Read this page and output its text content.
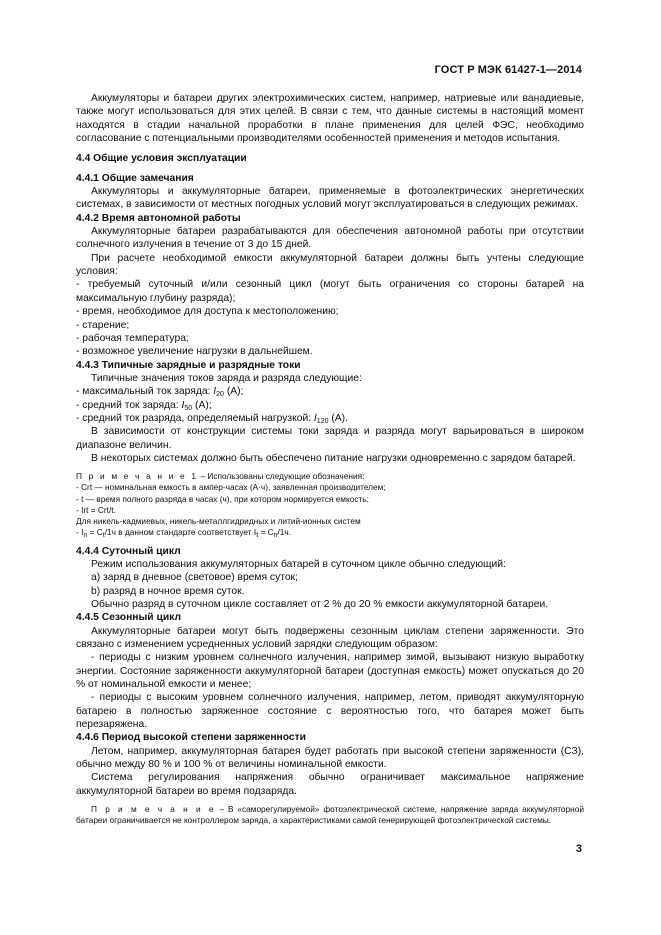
ГОСТ Р МЭК 61427-1—2014

Аккумуляторы и батареи других электрохимических систем, например, натриевые или ванадиевые, также могут использоваться для этих целей. В связи с тем, что данные системы в настоящий момент находятся в стадии начальной проработки в плане применения для целей ФЭС, необходимо согласование с потенциальными производителями особенностей применения и методов испытания.

4.4 Общие условия эксплуатации

4.4.1 Общие замечания

Аккумуляторы и аккумуляторные батареи, применяемые в фотоэлектрических энергетических системах, в зависимости от местных погодных условий могут эксплуатироваться в следующих режимах.

4.4.2 Время автономной работы

Аккумуляторные батареи разрабатываются для обеспечения автономной работы при отсутствии солнечного излучения в течение от 3 до 15 дней.

При расчете необходимой емкости аккумуляторной батареи должны быть учтены следующие условия:

- требуемый суточный и/или сезонный цикл (могут быть ограничения со стороны батарей на максимальную глубину разряда);

- время, необходимое для доступа к местоположению;

- старение;

- рабочая температура;

- возможное увеличение нагрузки в дальнейшем.

4.4.3 Типичные зарядные и разрядные токи

Типичные значения токов заряда и разряда следующие:

- максимальный ток заряда: $I_{20}$ (А);

- средний ток заряда: $I_{50}$ (А);

- средний ток разряда, определяемый нагрузкой: $I_{120}$ (А).

В зависимости от конструкции системы токи заряда и разряда могут варьироваться в широком диапазоне величин.

В некоторых системах должно быть обеспечено питание нагрузки одновременно с зарядом батарей.

П р и м е ч а н и е 1 – Использованы следующие обозначения:

- Crt — номинальная емкость в ампер-часах (А·ч), заявленная производителем;

- t — время полного разряда в часах (ч), при котором нормируется емкость;

- Irt = Crt/t.

Для никель-кадмиевых, никель-металлгидридных и литий-ионных систем

- $I_n = C_t/1ч$ в данном стандарте соответствует $I_t = C_n/1ч$.

4.4.4 Суточный цикл

Режим использования аккумуляторных батарей в суточном цикле обычно следующий:

а) заряд в дневное (световое) время суток;

b) разряд в ночное время суток.

Обычно разряд в суточном цикле составляет от 2 % до 20 % емкости аккумуляторной батареи.

4.4.5 Сезонный цикл

Аккумуляторные батареи могут быть подвержены сезонным циклам степени заряженности. Это связано с изменением усредненных условий зарядки следующим образом:

- периоды с низким уровнем солнечного излучения, например зимой, вызывают низкую выработку энергии. Состояние заряженности аккумуляторной батареи (доступная емкость) может опускаться до 20 % от номинальной емкости и менее;

- периоды с высоким уровнем солнечного излучения, например, летом, приводят аккумуляторную батарею в полностью заряженное состояние с вероятностью того, что батарея может быть перезаряжена.

4.4.6 Период высокой степени заряженности

Летом, например, аккумуляторная батарея будет работать при высокой степени заряженности (СЗ), обычно между 80 % и 100 % от величины номинальной емкости.

Система регулирования напряжения обычно ограничивает максимальное напряжение аккумуляторной батареи во время подзаряда.

П р и м е ч а н и е – В «саморегулируемой» фотоэлектрической системе, напряжение заряда аккумуляторной батареи ограничивается не контроллером заряда, а характеристиками самой генерирующей фотоэлектрической системы.

3
